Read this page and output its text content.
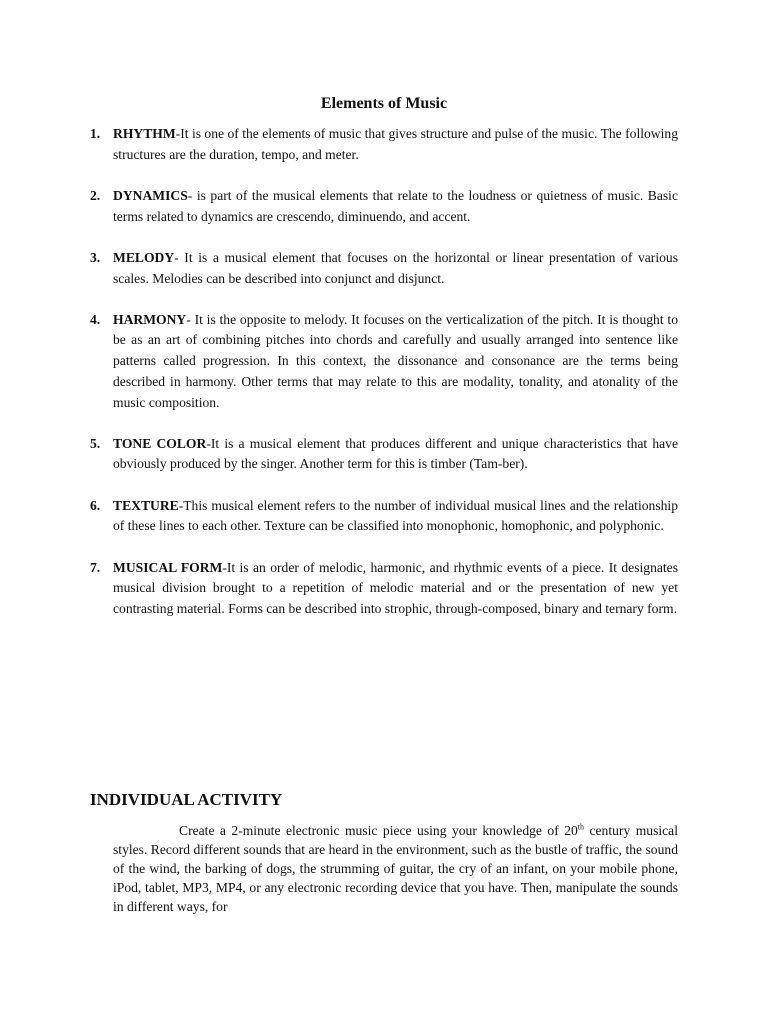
Elements of Music
1. RHYTHM-It is one of the elements of music that gives structure and pulse of the music. The following structures are the duration, tempo, and meter.
2. DYNAMICS- is part of the musical elements that relate to the loudness or quietness of music. Basic terms related to dynamics are crescendo, diminuendo, and accent.
3. MELODY- It is a musical element that focuses on the horizontal or linear presentation of various scales. Melodies can be described into conjunct and disjunct.
4. HARMONY- It is the opposite to melody. It focuses on the verticalization of the pitch. It is thought to be as an art of combining pitches into chords and carefully and usually arranged into sentence like patterns called progression. In this context, the dissonance and consonance are the terms being described in harmony. Other terms that may relate to this are modality, tonality, and atonality of the music composition.
5. TONE COLOR-It is a musical element that produces different and unique characteristics that have obviously produced by the singer. Another term for this is timber (Tam-ber).
6. TEXTURE-This musical element refers to the number of individual musical lines and the relationship of these lines to each other. Texture can be classified into monophonic, homophonic, and polyphonic.
7. MUSICAL FORM-It is an order of melodic, harmonic, and rhythmic events of a piece. It designates musical division brought to a repetition of melodic material and or the presentation of new yet contrasting material. Forms can be described into strophic, through-composed, binary and ternary form.
INDIVIDUAL ACTIVITY

Create a 2-minute electronic music piece using your knowledge of 20th century musical styles. Record different sounds that are heard in the environment, such as the bustle of traffic, the sound of the wind, the barking of dogs, the strumming of guitar, the cry of an infant, on your mobile phone, iPod, tablet, MP3, MP4, or any electronic recording device that you have. Then, manipulate the sounds in different ways, for
